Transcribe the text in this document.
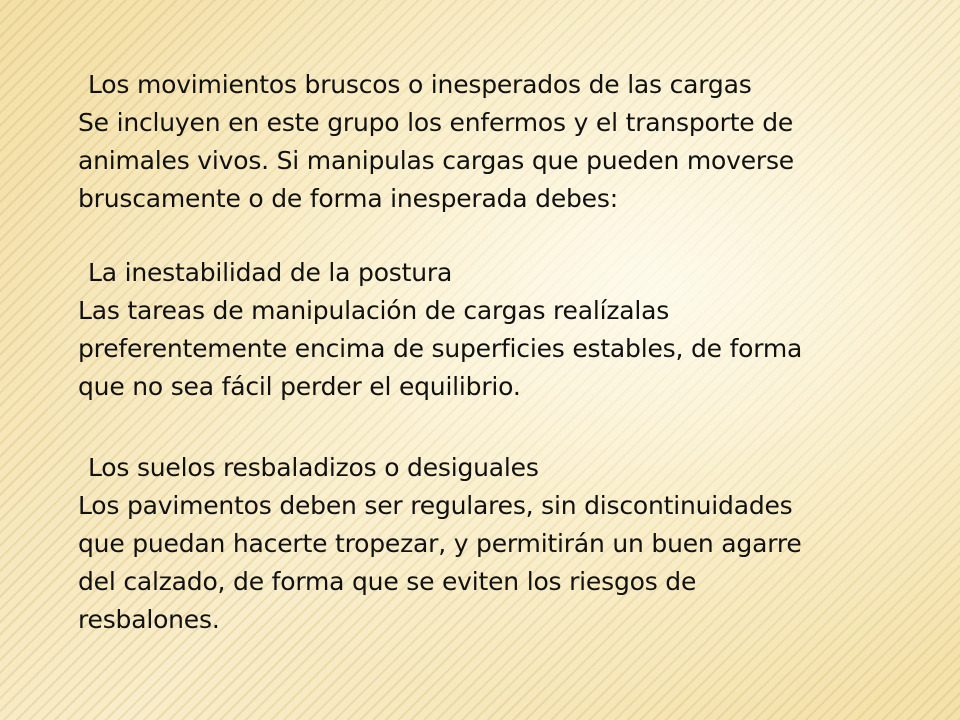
Los movimientos bruscos o inesperados de las cargas
Se incluyen en este grupo los enfermos y el transporte de
animales vivos. Si manipulas cargas que pueden moverse
bruscamente o de forma inesperada debes:
La inestabilidad de la postura
Las tareas de manipulación de cargas realízalas
preferentemente encima de superficies estables, de forma
que no sea fácil perder el equilibrio.
Los suelos resbaladizos o desiguales
Los pavimentos deben ser regulares, sin discontinuidades
que puedan hacerte tropezar, y permitirán un buen agarre
del calzado, de forma que se eviten los riesgos de
resbalones.
